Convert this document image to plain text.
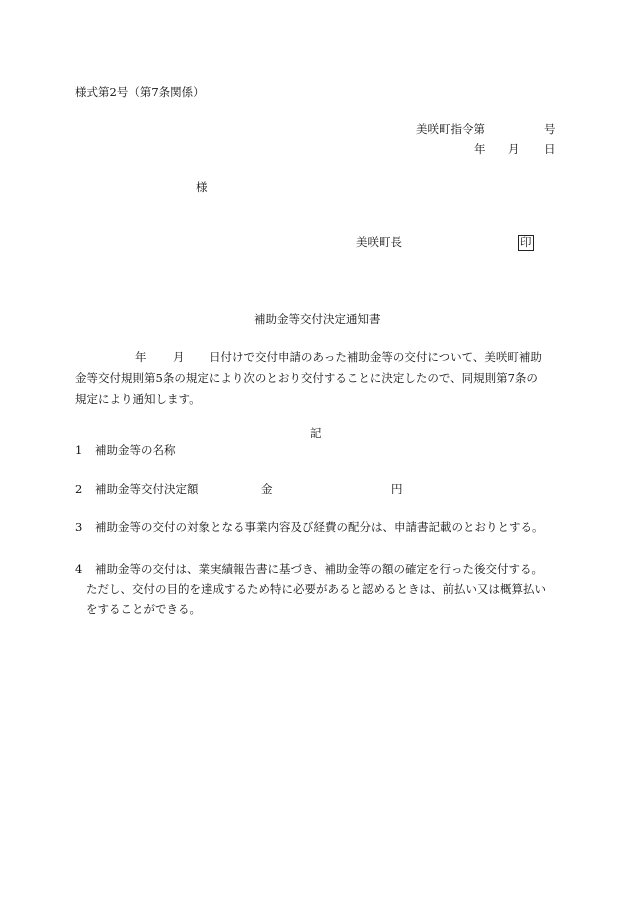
様式第2号（第7条関係）
美咲町指令第	号
年 月 日
様
美咲町長	印
補助金等交付決定通知書
年 月 日付けで交付申請のあった補助金等の交付について、美咲町補助
金等交付規則第5条の規定により次のとおり交付することに決定したので、同規則第7条の
規定により通知します。
記
1 補助金等の名称
2 補助金等交付決定額	金	円
3 補助金等の交付の対象となる事業内容及び経費の配分は、申請書記載のとおりとする。
4 補助金等の交付は、業実績報告書に基づき、補助金等の額の確定を行った後交付する。
ただし、交付の目的を達成するため特に必要があると認めるときは、前払い又は概算払い
をすることができる。
